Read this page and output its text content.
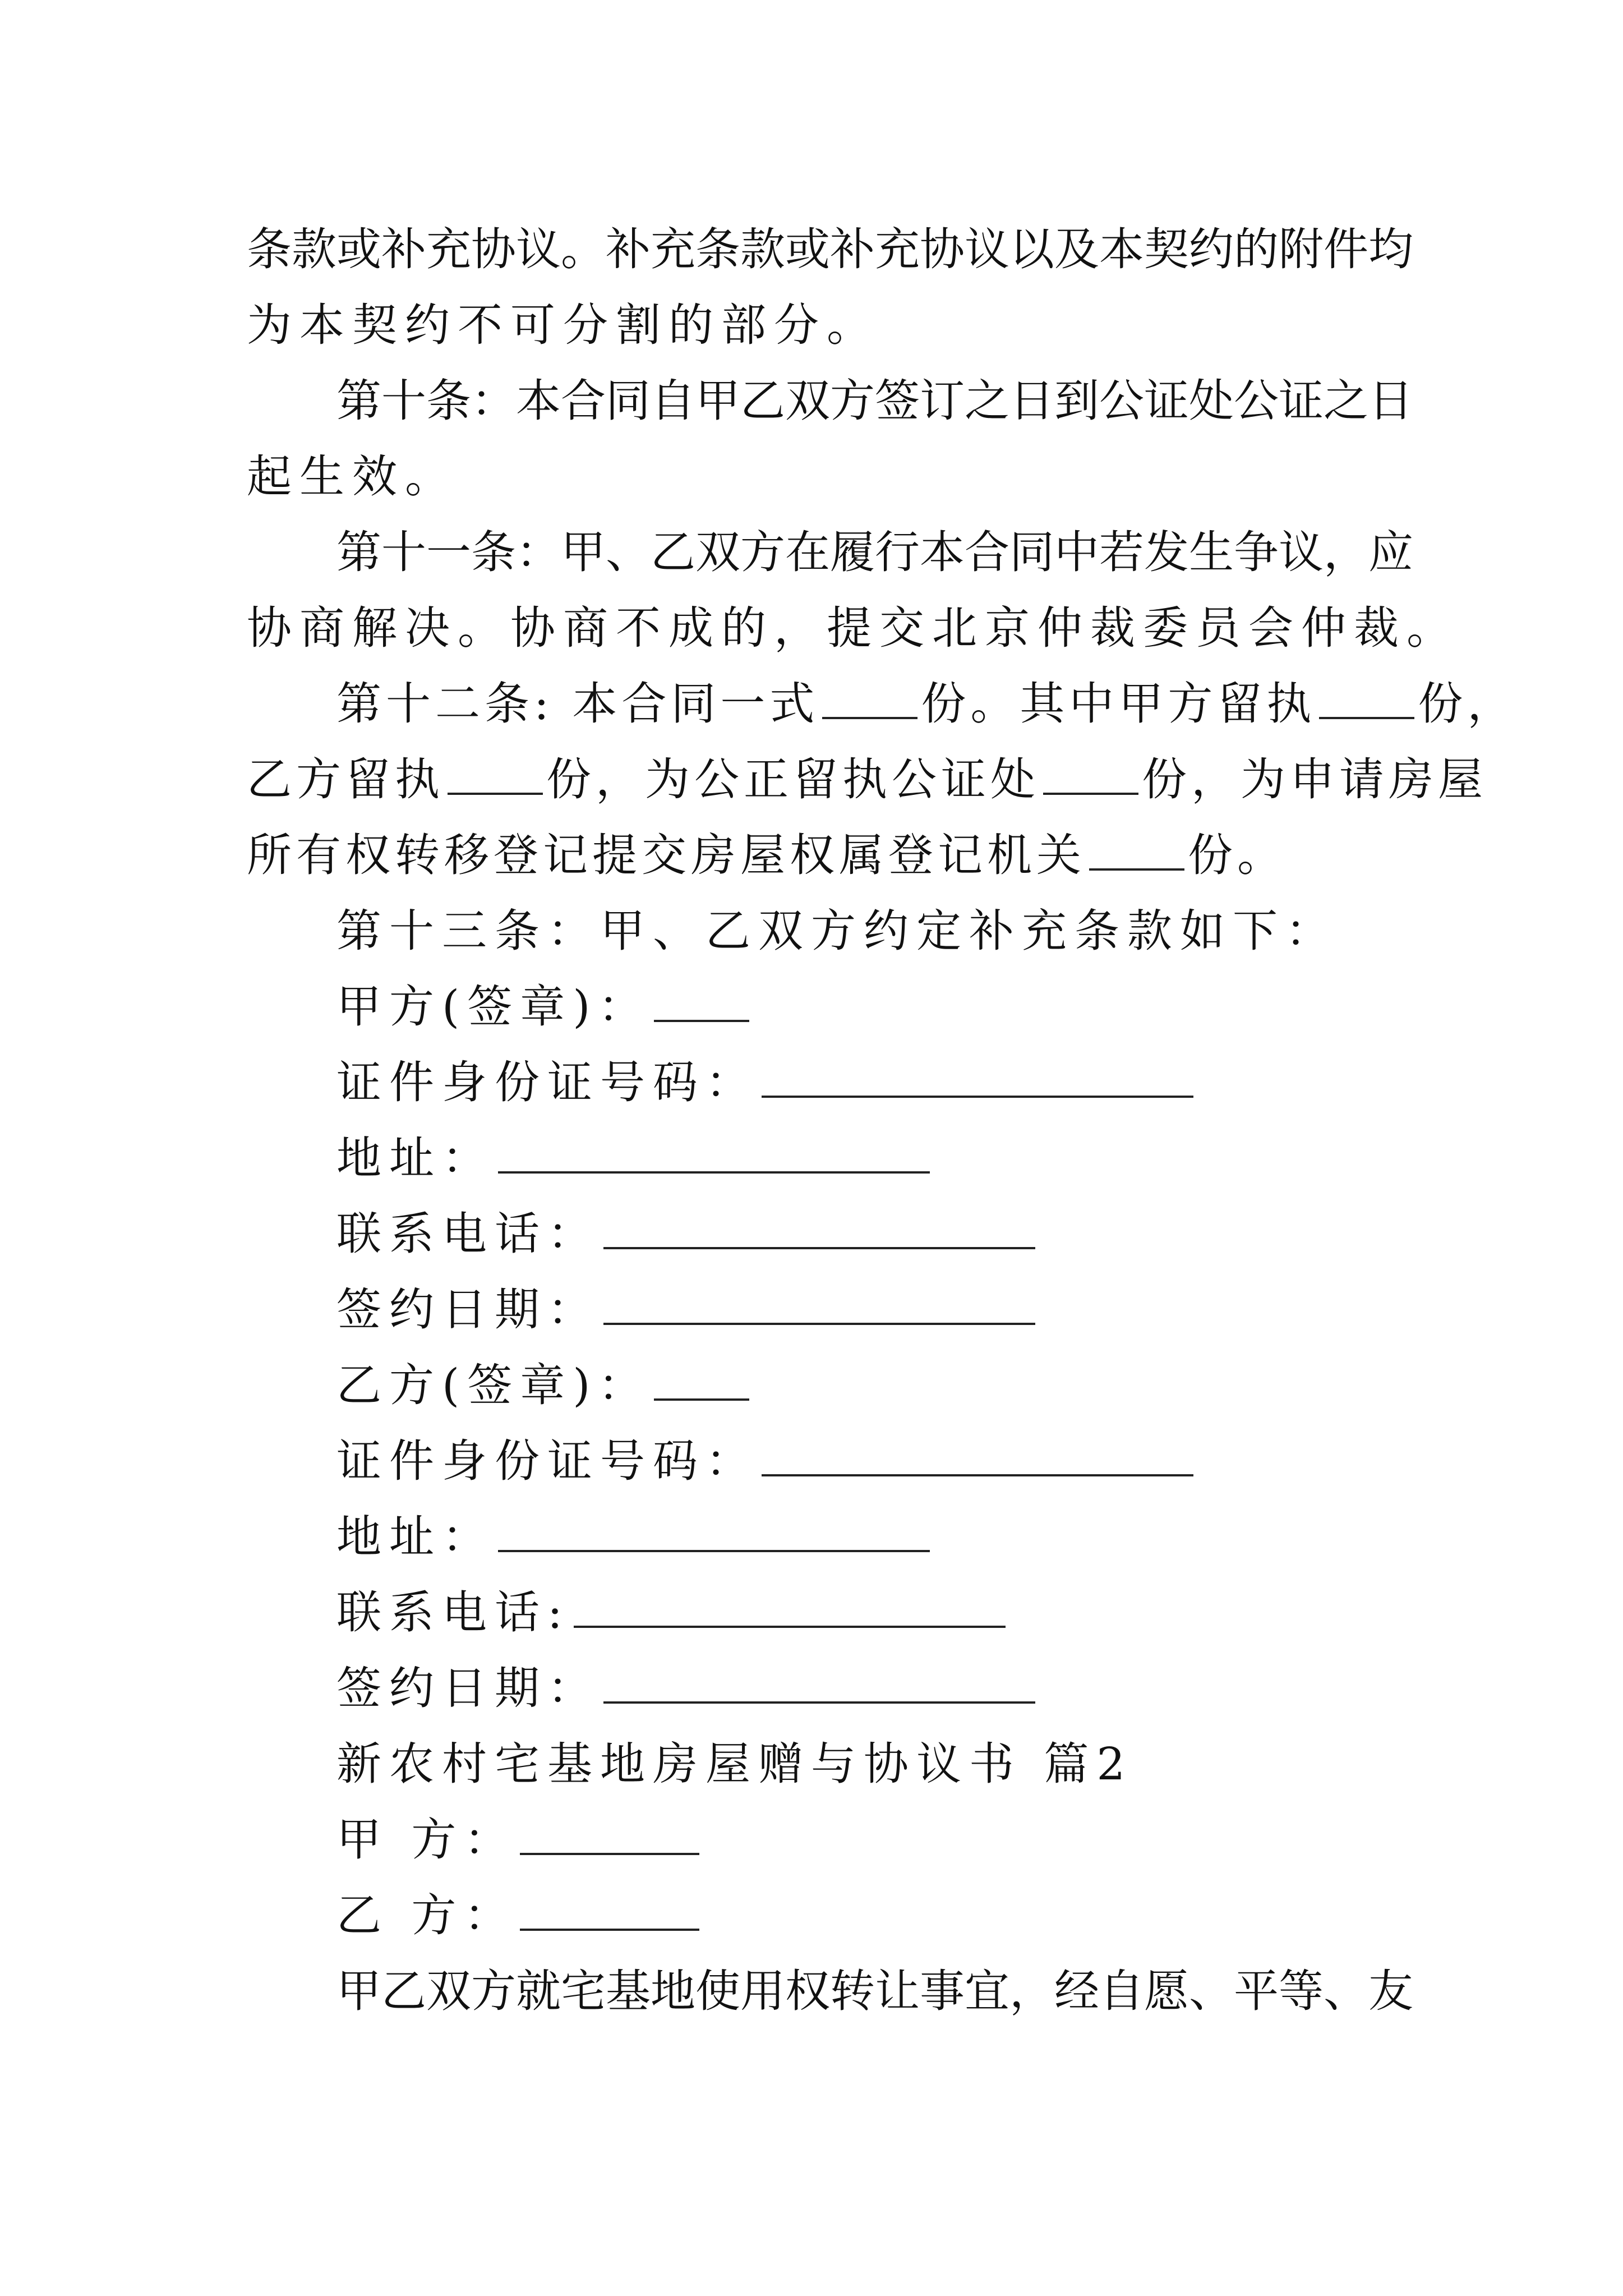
条款或补充协议。补充条款或补充协议以及本契约的附件均
为本契约不可分割的部分。
第十条：本合同自甲乙双方签订之日到公证处公证之日
起生效。
第十一条：甲、乙双方在履行本合同中若发生争议，应
协商解决。协商不成的，提交北京仲裁委员会仲裁。
第十二条: 本合同一式 份。其中甲方留执 份，
乙方留执 份，为公正留执公证处 份，为申请房屋
所有权转移登记提交房屋权属登记机关 份。
第十三条：甲、乙双方约定补充条款如下：
甲方(签章)：
证件身份证号码：
地址：
联系电话：
签约日期：
乙方(签章)：
证件身份证号码：
地址：
联系电话:
签约日期：
新农村宅基地房屋赠与协议书 篇2
甲 方：
乙 方：
甲乙双方就宅基地使用权转让事宜，经自愿、平等、友
